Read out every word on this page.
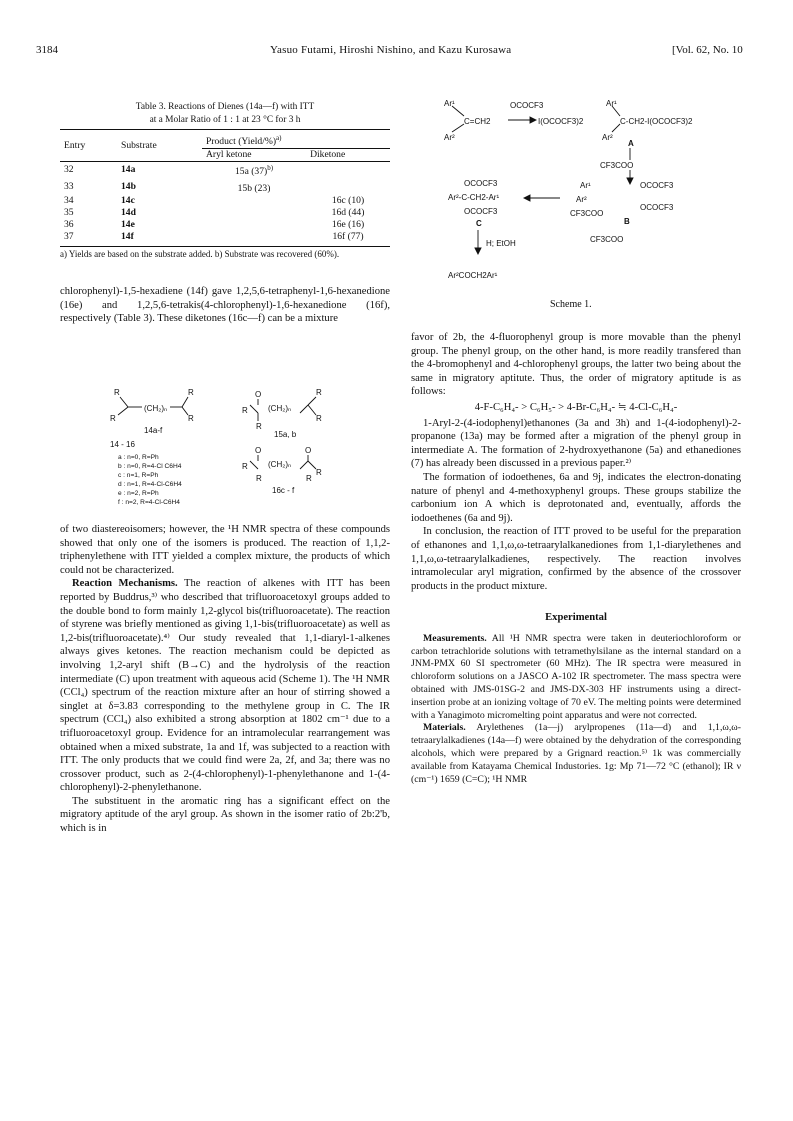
3184	Yasuo Futami, Hiroshi Nishino, and Kazu Kurosawa	[Vol. 62, No. 10
Table 3. Reactions of Dienes (14a—f) with ITT
at a Molar Ratio of 1 : 1 at 23 °C for 3 h
Entry	Substrate	Product (Yield/%)$^{a)}$
		Aryl ketone	Diketone
32	14a	15a $(37)^{b)}$	
33	14b	15b (23)	
34	14c		16c (10)
35	14d		16d (44)
36	14e		16e (16)
37	14f		16f (77)
a) Yields are based on the substrate added. b) Substrate was recovered (60%).

chlorophenyl)-1,5-hexadiene (14f) gave 1,2,5,6-tetraphenyl-1,6-hexanedione (16e) and 1,2,5,6-tetrakis(4-chlorophenyl)-1,6-hexanedione (16f), respectively (Table 3). These diketones (16c—f) can be a mixture

R
R
(CH₂)ₙ
R
R
14a-f
14 - 16
O
R
R
(CH₂)ₙ
R
R
15a, b
O
R
R
(CH₂)ₙ
O
R
R
16c - f
a : n=0, R=Ph
b : n=0, R=4-Cl C6H4
c : n=1, R=Ph
d : n=1, R=4-Cl-C6H4
e : n=2, R=Ph
f : n=2, R=4-Cl-C6H4

of two diastereoisomers; however, the ¹H NMR spectra of these compounds showed that only one of the isomers is produced. The reaction of 1,1,2-triphenylethene with ITT yielded a complex mixture, the products of which could not be characterized.

Reaction Mechanisms. The reaction of alkenes with ITT has been reported by Buddrus,³⁾ who described that trifluoroacetoxyl groups added to the double bond to form mainly 1,2-glycol bis(trifluoroacetate). The reaction of styrene was briefly mentioned as giving 1,1-bis(trifluoroacetate) as well as 1,2-bis(trifluoroacetate).⁴⁾ Our study revealed that 1,1-diaryl-1-alkenes always gives ketones. The reaction mechanism could be depicted as involving 1,2-aryl shift (B→C) and the hydrolysis of the reaction intermediate (C) upon treatment with aqueous acid (Scheme 1). The ¹H NMR (CCl₄) spectrum of the reaction mixture after an hour of stirring showed a singlet at δ=3.83 corresponding to the methylene group in C. The IR spectrum (CCl₄) also exhibited a strong absorption at 1802 cm⁻¹ due to a trifluoroacetoxyl group. Evidence for an intramolecular rearrangement was obtained when a mixed substrate, 1a and 1f, was subjected to a reaction with ITT. The only products that we could find were 2a, 2f, and 3a; there was no crossover product, such as 2-(4-chlorophenyl)-1-phenylethanone and 1-(4-chlorophenyl)-2-phenylethanone.

The substituent in the aromatic ring has a significant effect on the migratory aptitude of the aryl group. As shown in the isomer ratio of 2b:2'b, which is in

Ar¹
Ar²
C=CH2
OCOCF3
I(OCOCF3)2
Ar¹
Ar²
C-CH2-I(OCOCF3)2
A
CF3COO
OCOCF3
Ar²-C-CH2-Ar¹
OCOCF3
C
H; EtOH
Ar¹
Ar²
OCOCF3
OCOCF3
CF3COO
B
CF3COO
Ar²COCH2Ar¹
Scheme 1.

favor of 2b, the 4-fluorophenyl group is more movable than the phenyl group. The phenyl group, on the other hand, is more readily transfered than the 4-bromophenyl and 4-chlorophenyl groups, the latter two being about the same in migratory aptitute. Thus, the order of migratory aptitude is as follows:

4-F-C₆H₄- > C₆H₅- > 4-Br-C₆H₄- ≒ 4-Cl-C₆H₄-

1-Aryl-2-(4-iodophenyl)ethanones (3a and 3h) and 1-(4-iodophenyl)-2-propanone (13a) may be formed after a migration of the phenyl group in intermediate A. The formation of 2-hydroxyethanone (5a) and ethanediones (7) has already been discussed in a previous paper.²⁾

The formation of iodoethenes, 6a and 9j, indicates the electron-donating nature of phenyl and 4-methoxyphenyl groups. These groups stabilize the carbonium ion A which is deprotonated and, eventually, affords the iodoethenes (6a and 9j).

In conclusion, the reaction of ITT proved to be useful for the preparation of ethanones and 1,1,ω,ω-tetraarylalkanediones from 1,1-diarylethenes and 1,1,ω,ω-tetraarylalkadienes, respectively. The reaction involves intramolecular aryl migration, confirmed by the absence of the crossover products in the product mixture.

Experimental

Measurements. All ¹H NMR spectra were taken in deuteriochloroform or carbon tetrachloride solutions with tetramethylsilane as the internal standard on a JNM-PMX 60 SI spectrometer (60 MHz). The IR spectra were measured in chloroform solutions on a JASCO A-102 IR spectrometer. The mass spectra were obtained with JMS-01SG-2 and JMS-DX-303 HF instruments using a direct-insertion probe at an ionizing voltage of 70 eV. The melting points were determined with a Yanagimoto micromelting point apparatus and were not corrected.

Materials. Arylethenes (1a—j) arylpropenes (11a—d) and 1,1,ω,ω-tetraarylalkadienes (14a—f) were obtained by the dehydration of the corresponding alcohols, which were prepared by a Grignard reaction.⁵⁾ 1k was commercially available from Katayama Chemical Industories. 1g: Mp 71—72 °C (ethanol); IR ν (cm⁻¹) 1659 (C=C); ¹H NMR
